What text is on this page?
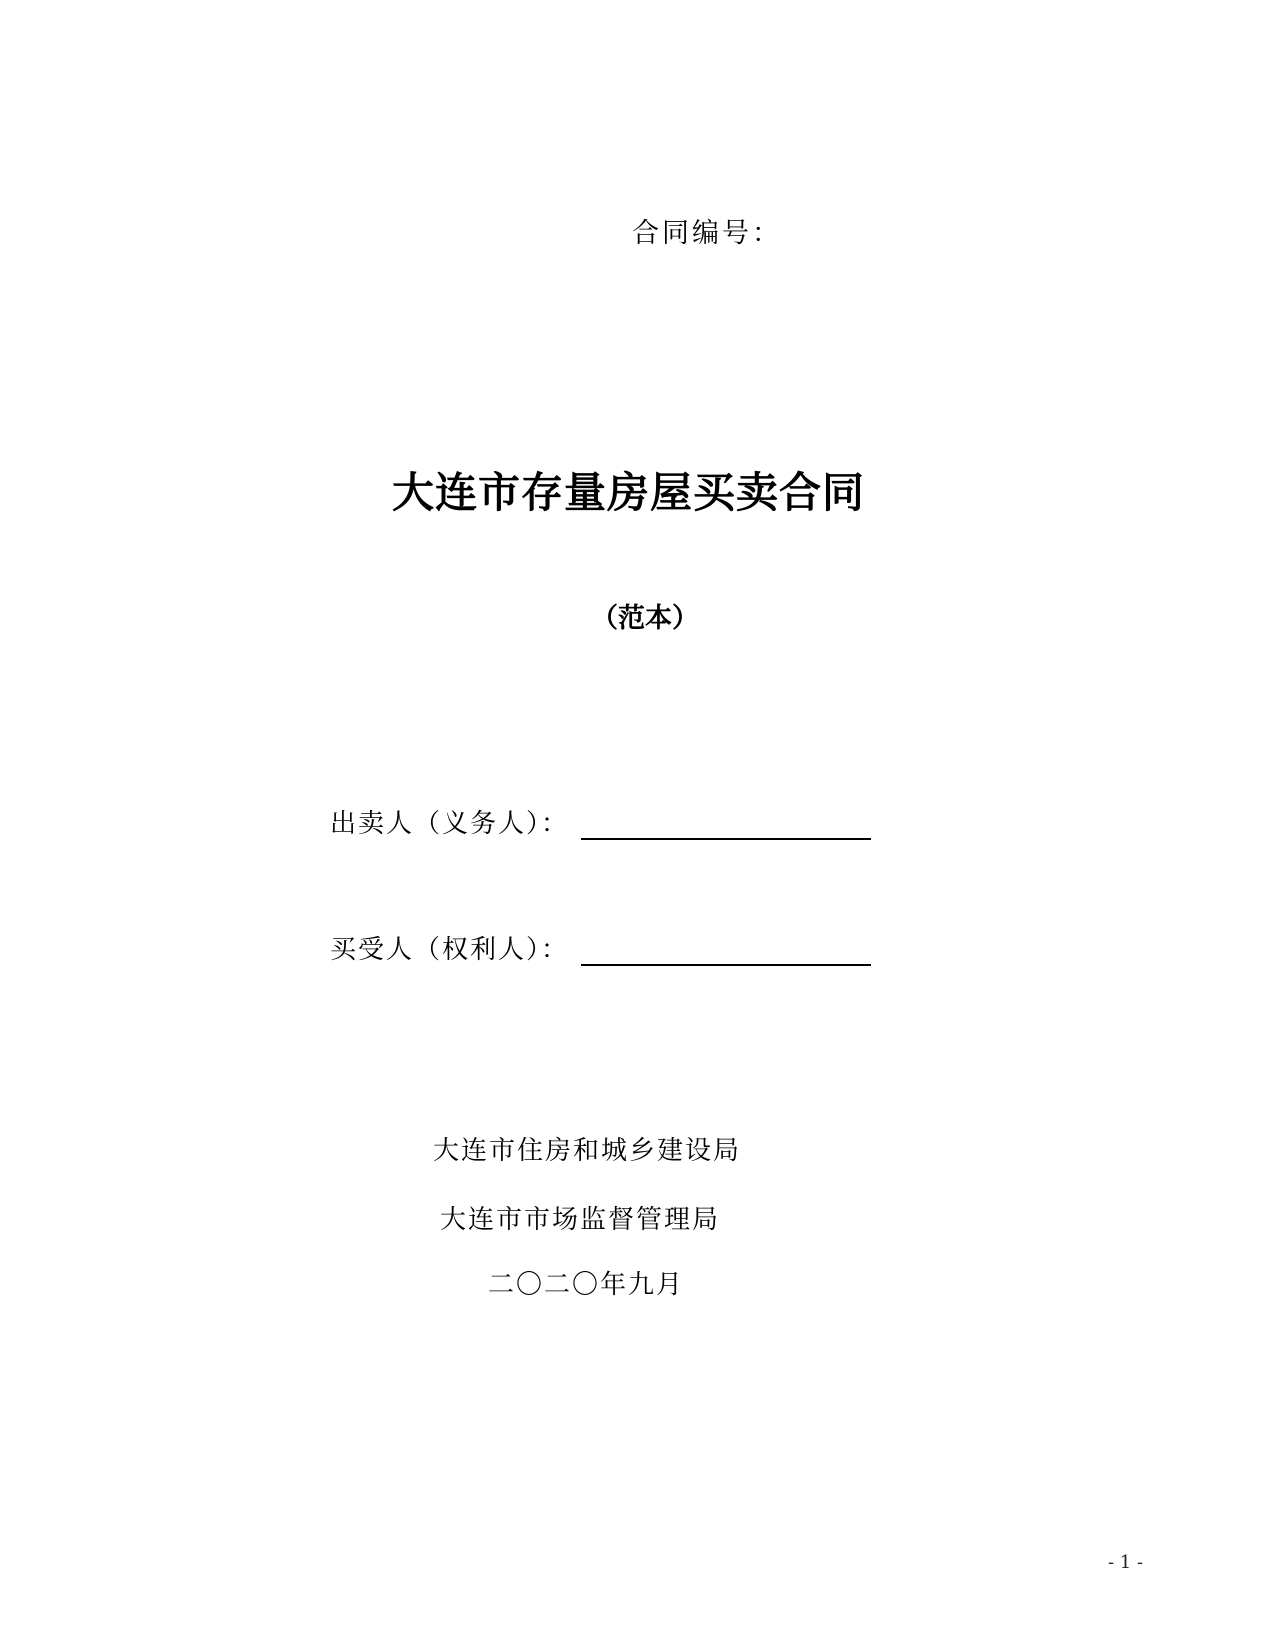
合同编号：
大连市存量房屋买卖合同
（范本）
出卖人（义务人）：
买受人（权利人）：
大连市住房和城乡建设局
大连市市场监督管理局
二〇二〇年九月
- 1 -
